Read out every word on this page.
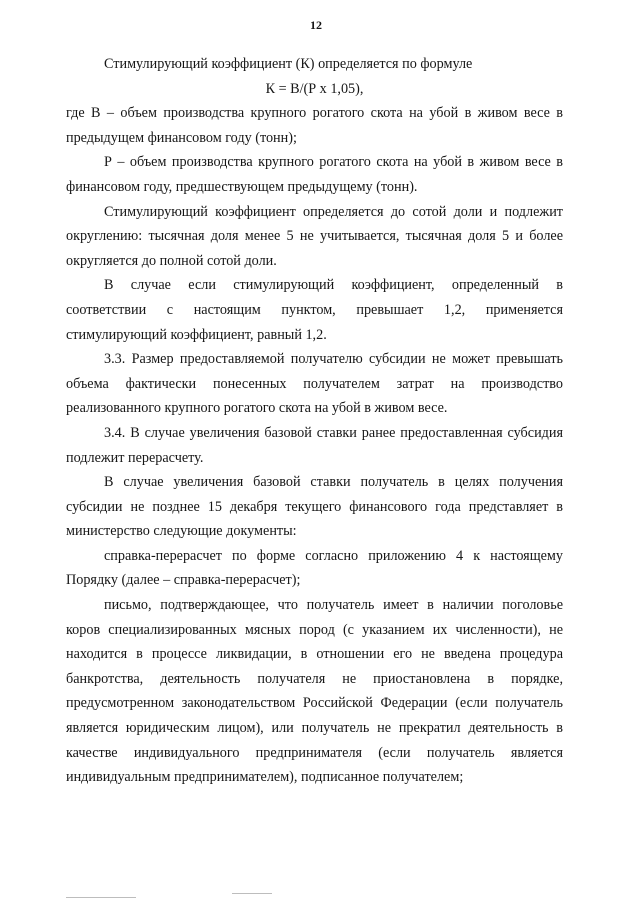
12

Стимулирующий коэффициент (К) определяется по формуле

К = В/(Р х 1,05),

где В – объем производства крупного рогатого скота на убой в живом весе в предыдущем финансовом году (тонн);

Р – объем производства крупного рогатого скота на убой в живом весе в финансовом году, предшествующем предыдущему (тонн).

Стимулирующий коэффициент определяется до сотой доли и подлежит округлению: тысячная доля менее 5 не учитывается, тысячная доля 5 и более округляется до полной сотой доли.

В случае если стимулирующий коэффициент, определенный в соответствии с настоящим пунктом, превышает 1,2, применяется стимулирующий коэффициент, равный 1,2.

3.3. Размер предоставляемой получателю субсидии не может превышать объема фактически понесенных получателем затрат на производство реализованного крупного рогатого скота на убой в живом весе.

3.4. В случае увеличения базовой ставки ранее предоставленная субсидия подлежит перерасчету.

В случае увеличения базовой ставки получатель в целях получения субсидии не позднее 15 декабря текущего финансового года представляет в министерство следующие документы:

справка-перерасчет по форме согласно приложению 4 к настоящему Порядку (далее – справка-перерасчет);

письмо, подтверждающее, что получатель имеет в наличии поголовье коров специализированных мясных пород (с указанием их численности), не находится в процессе ликвидации, в отношении его не введена процедура банкротства, деятельность получателя не приостановлена в порядке, предусмотренном законодательством Российской Федерации (если получатель является юридическим лицом), или получатель не прекратил деятельность в качестве индивидуального предпринимателя (если получатель является индивидуальным предпринимателем), подписанное получателем;
